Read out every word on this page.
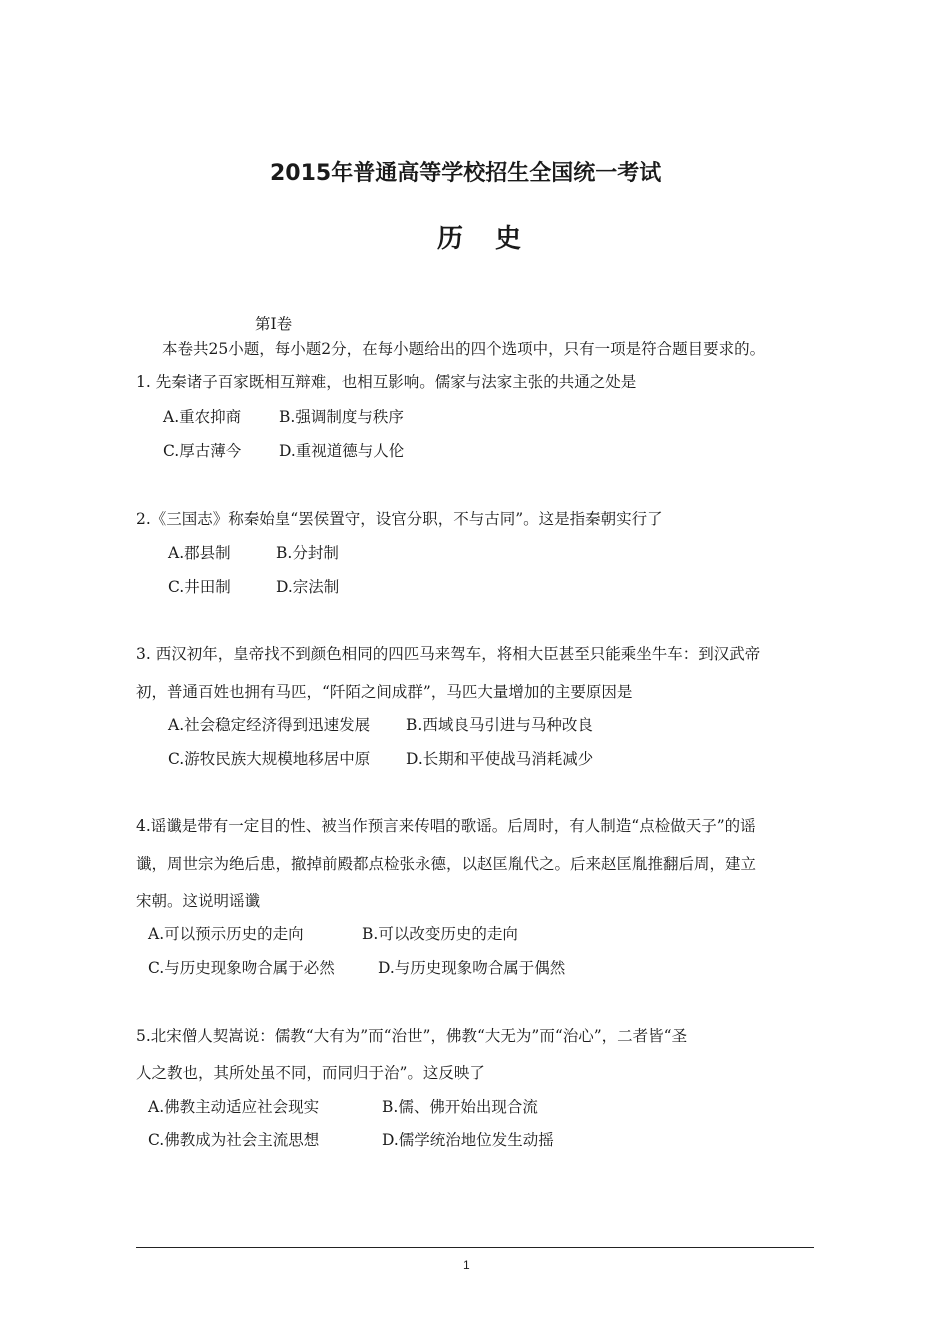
2015年普通高等学校招生全国统一考试
历史
第I卷
本卷共25小题，每小题2分，在每小题给出的四个选项中，只有一项是符合题目要求的。
1. 先秦诸子百家既相互辩难，也相互影响。儒家与法家主张的共通之处是
A.重农抑商 B.强调制度与秩序
C.厚古薄今 D.重视道德与人伦
2.《三国志》称秦始皇“罢侯置守，设官分职，不与古同”。这是指秦朝实行了
A.郡县制	B.分封制
C.井田制	D.宗法制
3. 西汉初年，皇帝找不到颜色相同的四匹马来驾车，将相大臣甚至只能乘坐牛车：到汉武帝
初，普通百姓也拥有马匹，“阡陌之间成群”，马匹大量增加的主要原因是
A.社会稳定经济得到迅速发展 B.西域良马引进与马种改良
C.游牧民族大规模地移居中原 D.长期和平使战马消耗减少
4.谣谶是带有一定目的性、被当作预言来传唱的歌谣。后周时，有人制造“点检做天子”的谣
谶，周世宗为绝后患，撤掉前殿都点检张永德，以赵匡胤代之。后来赵匡胤推翻后周，建立
宋朝。这说明谣谶
A.可以预示历史的走向	B.可以改变历史的走向
C.与历史现象吻合属于必然	D.与历史现象吻合属于偶然
5.北宋僧人契嵩说：儒教“大有为”而“治世”，佛教“大无为”而“治心”，二者皆“圣
人之教也，其所处虽不同，而同归于治”。这反映了
A.佛教主动适应社会现实	B.儒、佛开始出现合流
C.佛教成为社会主流思想	D.儒学统治地位发生动摇
1
